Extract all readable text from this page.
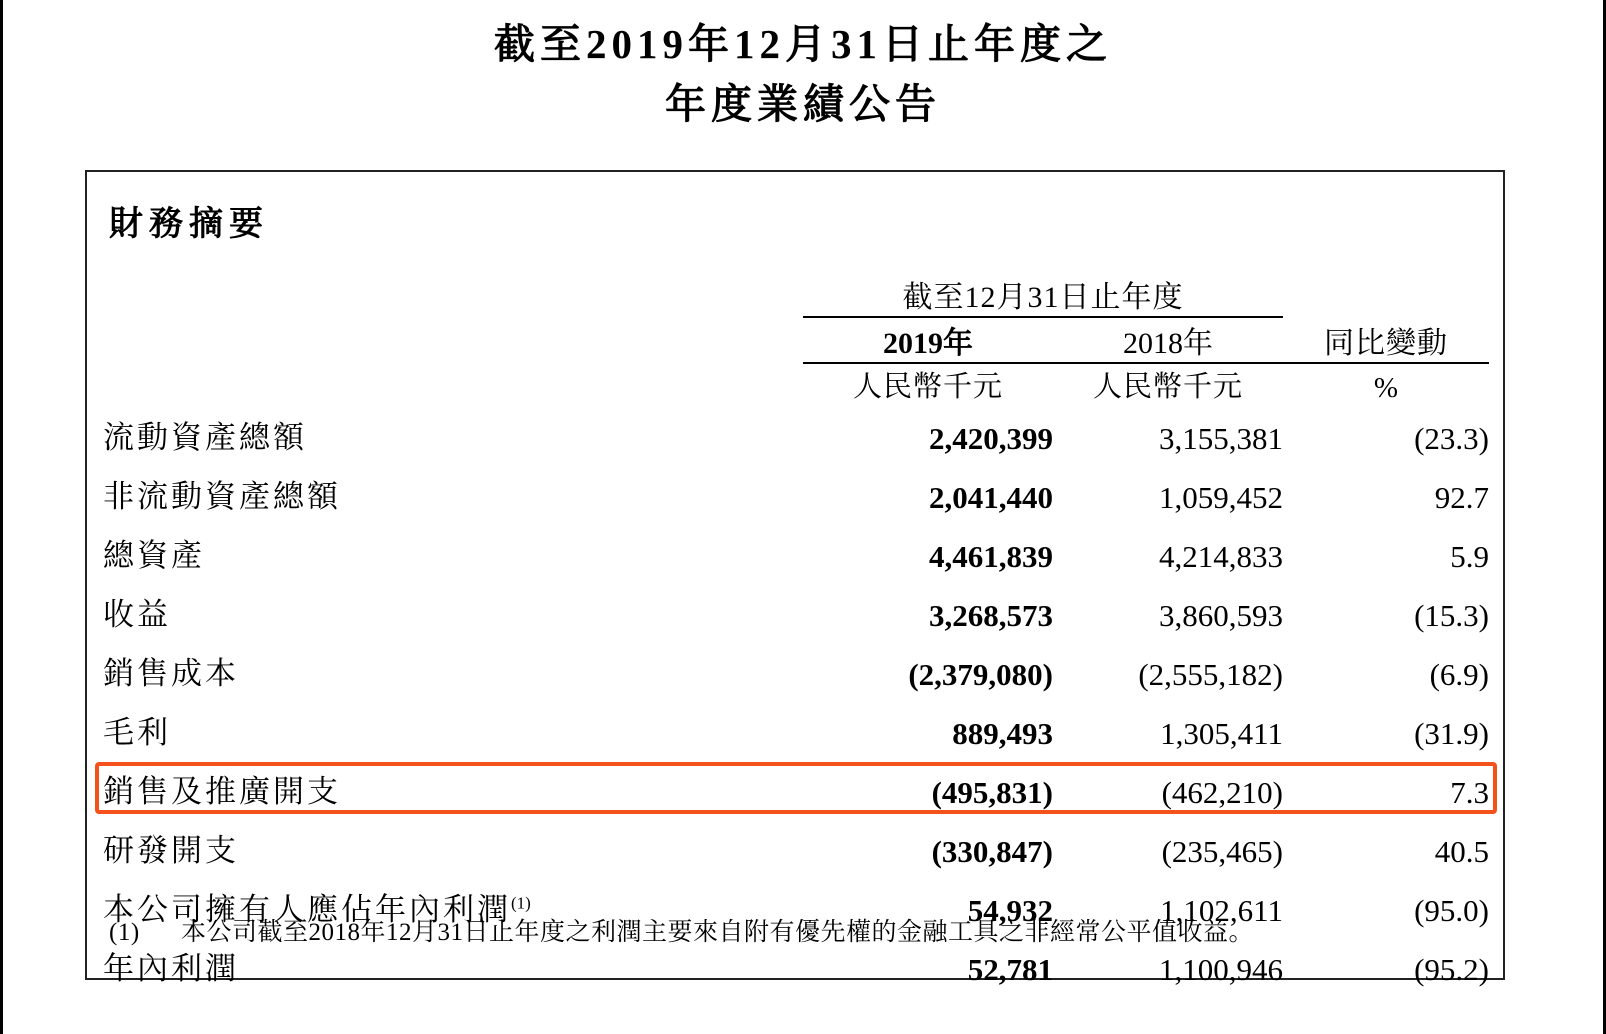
截至2019年12月31日止年度之
年度業績公告
財務摘要
	截至12月31日止年度		
	2019年	2018年	同比變動
	人民幣千元	人民幣千元	%
流動資產總額	2,420,399	3,155,381	(23.3)
非流動資產總額	2,041,440	1,059,452	92.7
總資產	4,461,839	4,214,833	5.9
收益	3,268,573	3,860,593	(15.3)
銷售成本	(2,379,080)	(2,555,182)	(6.9)
毛利	889,493	1,305,411	(31.9)
銷售及推廣開支	(495,831)	(462,210)	7.3
研發開支	(330,847)	(235,465)	40.5
本公司擁有人應佔年內利潤$^{(1)}$	54,932	1,102,611	(95.0)
年內利潤	52,781	1,100,946	(95.2)
(1) 本公司截至2018年12月31日止年度之利潤主要來自附有優先權的金融工具之非經常公平值收益。
